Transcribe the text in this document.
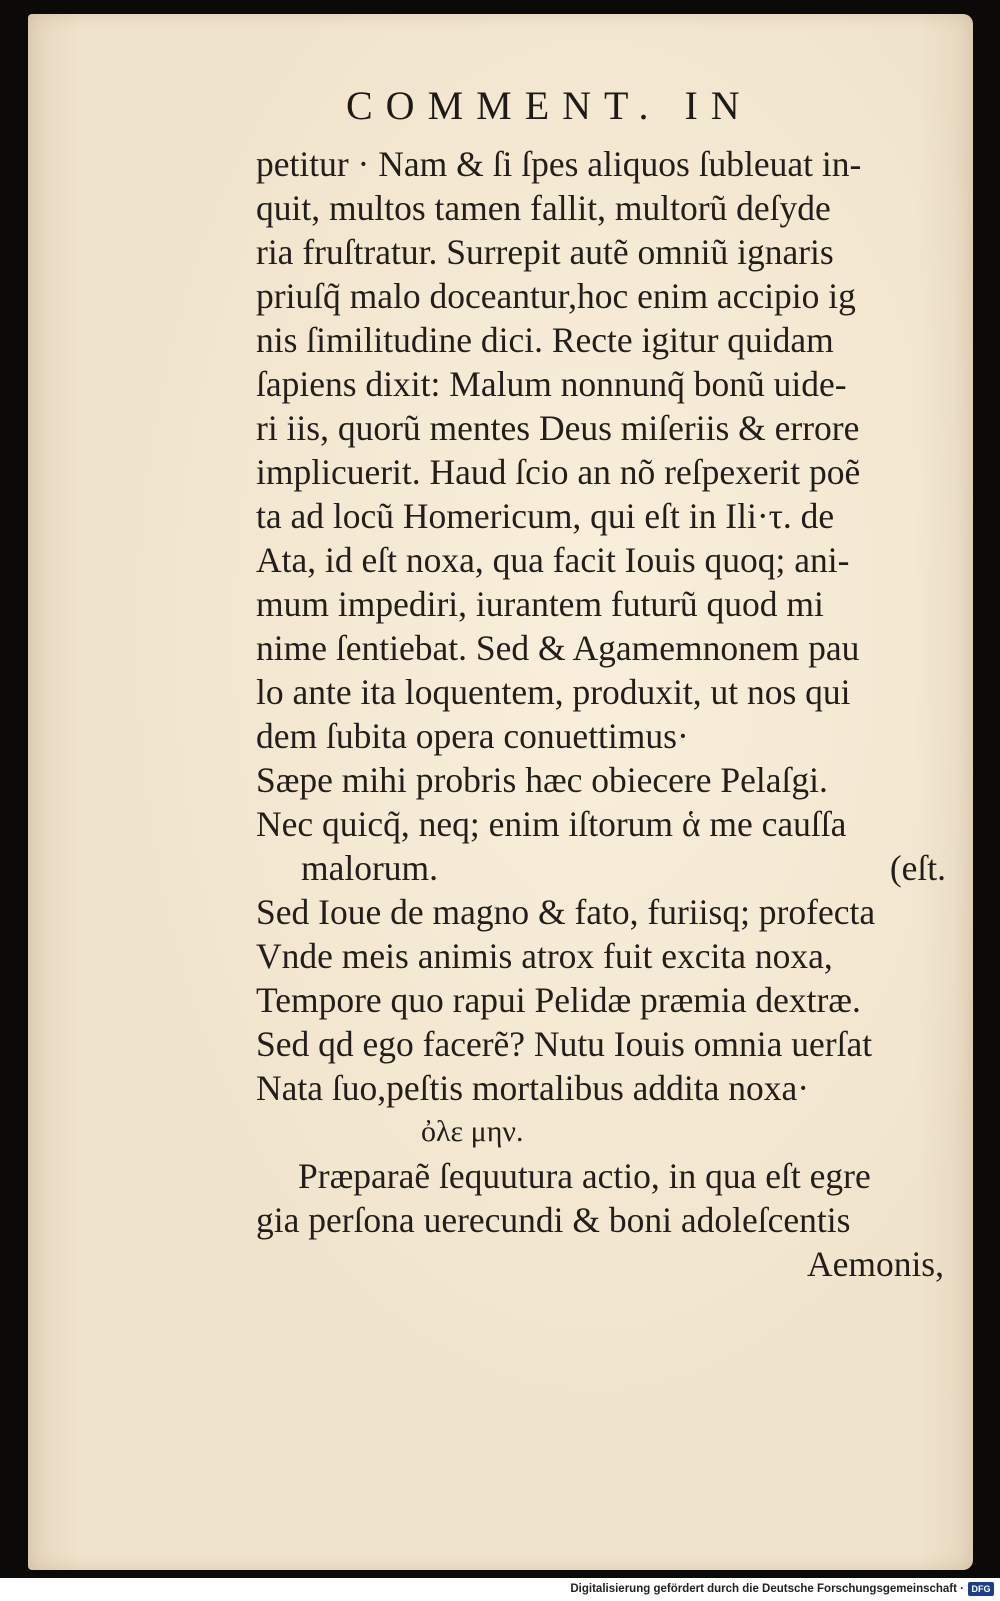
COMMENT. IN
petitur · Nam & ſi ſpes aliquos ſubleuat in‐
quit, multos tamen fallit, multorũ deſyde
ria fruſtratur. Surrepit autẽ omniũ ignaris
priuſq̃ malo doceantur,hoc enim accipio ig
nis ſimilitudine dici. Recte igitur quidam
ſapiens dixit: Malum nonnunq̃ bonũ uide‐
ri iis, quorũ mentes Deus miſeriis & errore
implicuerit. Haud ſcio an nõ reſpexerit poẽ
ta ad locũ Homericum, qui eſt in Ili·τ. de
Ata, id eſt noxa, qua facit Iouis quoq; ani‐
mum impediri, iurantem futurũ quod mi
nime ſentiebat. Sed & Agamemnonem pau
lo ante ita loquentem, produxit, ut nos qui
dem ſubita opera conuettimus·
Sæpe mihi probris hæc obiecere Pelaſgi.
Nec quicq̃, neq; enim iſtorum ἁ me cauſſa
malorum.	(eſt.
Sed Ioue de magno & fato, furiisq; profecta
Vnde meis animis atrox fuit excita noxa,
Tempore quo rapui Pelidæ præmia dextræ.
Sed qd ego facerẽ? Nutu Iouis omnia uerſat
Nata ſuo,peſtis mortalibus addita noxa·
ὀλε μην.
Præparaẽ ſequutura actio, in qua eſt egre
gia perſona uerecundi & boni adoleſcentis
Aemonis,
Digitalisierung gefördert durch die Deutsche Forschungsgemeinschaft · DFG
